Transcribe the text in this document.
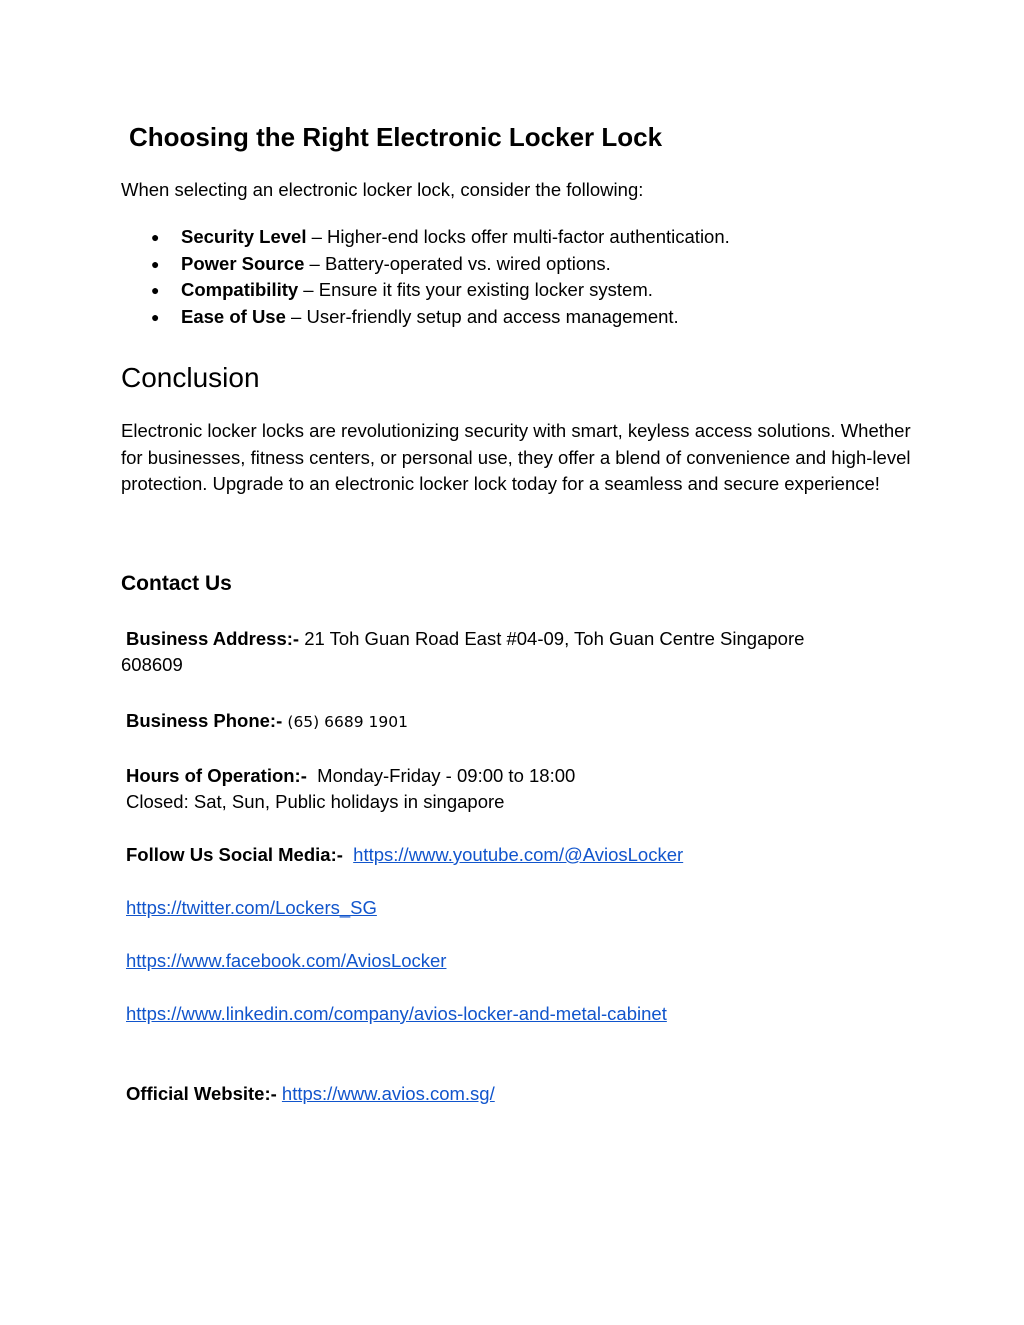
Choosing the Right Electronic Locker Lock
When selecting an electronic locker lock, consider the following:
● Security Level – Higher-end locks offer multi-factor authentication.
● Power Source – Battery-operated vs. wired options.
● Compatibility – Ensure it fits your existing locker system.
● Ease of Use – User-friendly setup and access management.
Conclusion
Electronic locker locks are revolutionizing security with smart, keyless access solutions. Whether for businesses, fitness centers, or personal use, they offer a blend of convenience and high-level protection. Upgrade to an electronic locker lock today for a seamless and secure experience!
Contact Us
Business Address:- 21 Toh Guan Road East #04-09, Toh Guan Centre Singapore
608609
Business Phone:- (65) 6689 1901
Hours of Operation:- Monday-Friday - 09:00 to 18:00
Closed: Sat, Sun, Public holidays in singapore
Follow Us Social Media:- https://www.youtube.com/@AviosLocker
https://twitter.com/Lockers_SG
https://www.facebook.com/AviosLocker
https://www.linkedin.com/company/avios-locker-and-metal-cabinet
Official Website:- https://www.avios.com.sg/
